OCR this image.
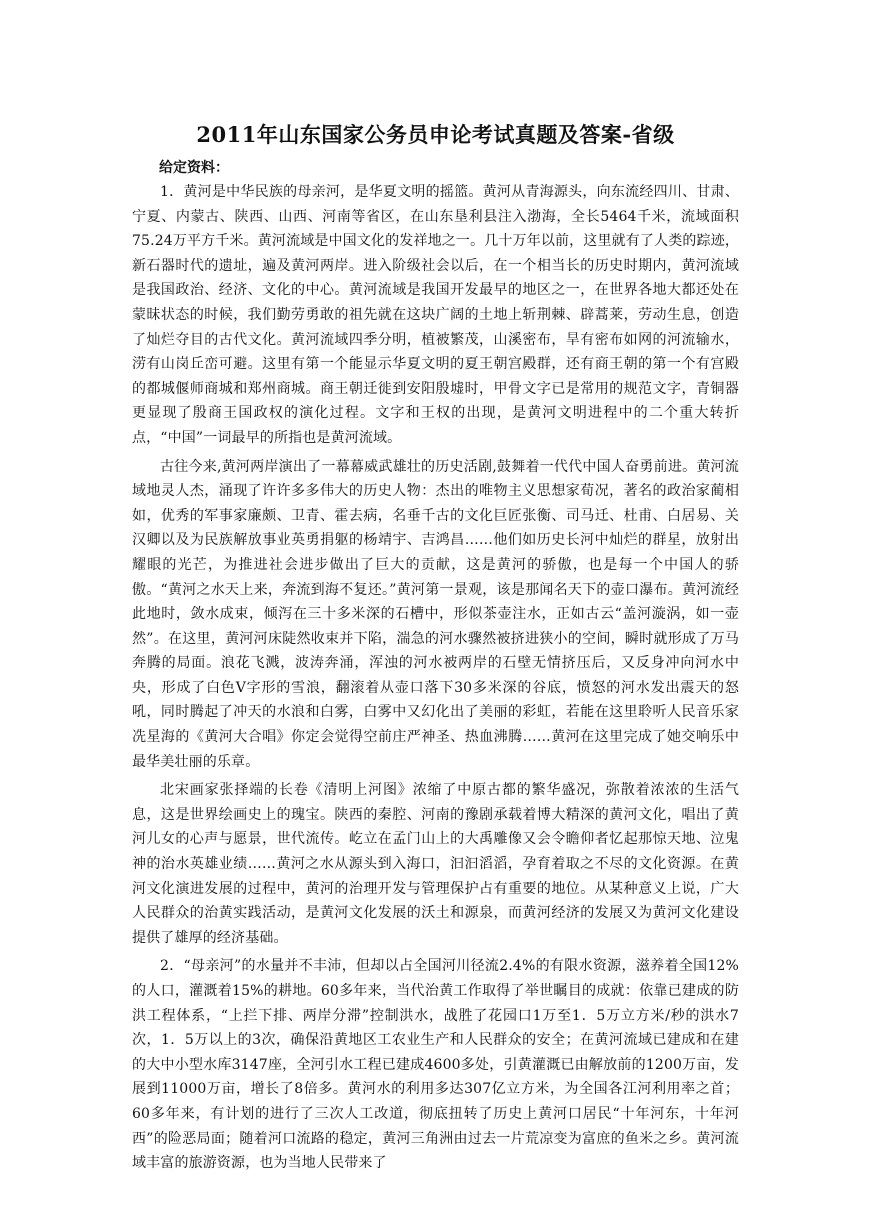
2011年山东国家公务员申论考试真题及答案-省级
给定资料：

1．黄河是中华民族的母亲河，是华夏文明的摇篮。黄河从青海源头，向东流经四川、甘肃、宁夏、内蒙古、陕西、山西、河南等省区，在山东垦利县注入渤海，全长5464千米，流域面积75.24万平方千米。黄河流域是中国文化的发祥地之一。几十万年以前，这里就有了人类的踪迹，新石器时代的遗址，遍及黄河两岸。进入阶级社会以后，在一个相当长的历史时期内，黄河流域是我国政治、经济、文化的中心。黄河流域是我国开发最早的地区之一，在世界各地大都还处在蒙昧状态的时候，我们勤劳勇敢的祖先就在这块广阔的土地上斩荆棘、辟蒿莱，劳动生息，创造了灿烂夺目的古代文化。黄河流域四季分明，植被繁茂，山溪密布，旱有密布如网的河流输水，涝有山岗丘峦可避。这里有第一个能显示华夏文明的夏王朝宫殿群，还有商王朝的第一个有宫殿的都城偃师商城和郑州商城。商王朝迁徙到安阳殷墟时，甲骨文字已是常用的规范文字，青铜器更显现了殷商王国政权的演化过程。文字和王权的出现，是黄河文明进程中的二个重大转折点，“中国”一词最早的所指也是黄河流域。

古往今来,黄河两岸演出了一幕幕威武雄壮的历史活剧,鼓舞着一代代中国人奋勇前进。黄河流域地灵人杰，涌现了许许多多伟大的历史人物：杰出的唯物主义思想家荀况，著名的政治家蔺相如，优秀的军事家廉颇、卫青、霍去病，名垂千古的文化巨匠张衡、司马迁、杜甫、白居易、关汉卿以及为民族解放事业英勇捐躯的杨靖宇、吉鸿昌……他们如历史长河中灿烂的群星，放射出耀眼的光芒，为推进社会进步做出了巨大的贡献，这是黄河的骄傲，也是每一个中国人的骄傲。“黄河之水天上来，奔流到海不复还。”黄河第一景观，该是那闻名天下的壶口瀑布。黄河流经此地时，敛水成束，倾泻在三十多米深的石槽中，形似茶壶注水，正如古云“盖河漩涡，如一壶然”。在这里，黄河河床陡然收束并下陷，湍急的河水骤然被挤进狭小的空间，瞬时就形成了万马奔腾的局面。浪花飞溅，波涛奔涌，浑浊的河水被两岸的石壁无情挤压后，又反身冲向河水中央，形成了白色V字形的雪浪，翻滚着从壶口落下30多米深的谷底，愤怒的河水发出震天的怒吼，同时腾起了冲天的水浪和白雾，白雾中又幻化出了美丽的彩虹，若能在这里聆听人民音乐家冼星海的《黄河大合唱》你定会觉得空前庄严神圣、热血沸腾……黄河在这里完成了她交响乐中最华美壮丽的乐章。

北宋画家张择端的长卷《清明上河图》浓缩了中原古都的繁华盛况，弥散着浓浓的生活气息，这是世界绘画史上的瑰宝。陕西的秦腔、河南的豫剧承载着博大精深的黄河文化，唱出了黄河儿女的心声与愿景，世代流传。屹立在孟门山上的大禹雕像又会令瞻仰者忆起那惊天地、泣鬼神的治水英雄业绩……黄河之水从源头到入海口，汩汩滔滔，孕育着取之不尽的文化资源。在黄河文化演进发展的过程中，黄河的治理开发与管理保护占有重要的地位。从某种意义上说，广大人民群众的治黄实践活动，是黄河文化发展的沃土和源泉，而黄河经济的发展又为黄河文化建设提供了雄厚的经济基础。

2．“母亲河”的水量并不丰沛，但却以占全国河川径流2.4%的有限水资源，滋养着全国12%的人口，灌溉着15%的耕地。60多年来，当代治黄工作取得了举世瞩目的成就：依靠已建成的防洪工程体系，“上拦下排、两岸分滞”控制洪水，战胜了花园口1万至1．5万立方米/秒的洪水7次，1．5万以上的3次，确保沿黄地区工农业生产和人民群众的安全；在黄河流域已建成和在建的大中小型水库3147座，全河引水工程已建成4600多处，引黄灌溉已由解放前的1200万亩，发展到11000万亩，增长了8倍多。黄河水的利用多达307亿立方米，为全国各江河利用率之首；60多年来，有计划的进行了三次人工改道，彻底扭转了历史上黄河口居民“十年河东，十年河西”的险恶局面；随着河口流路的稳定，黄河三角洲由过去一片荒凉变为富庶的鱼米之乡。黄河流域丰富的旅游资源，也为当地人民带来了
